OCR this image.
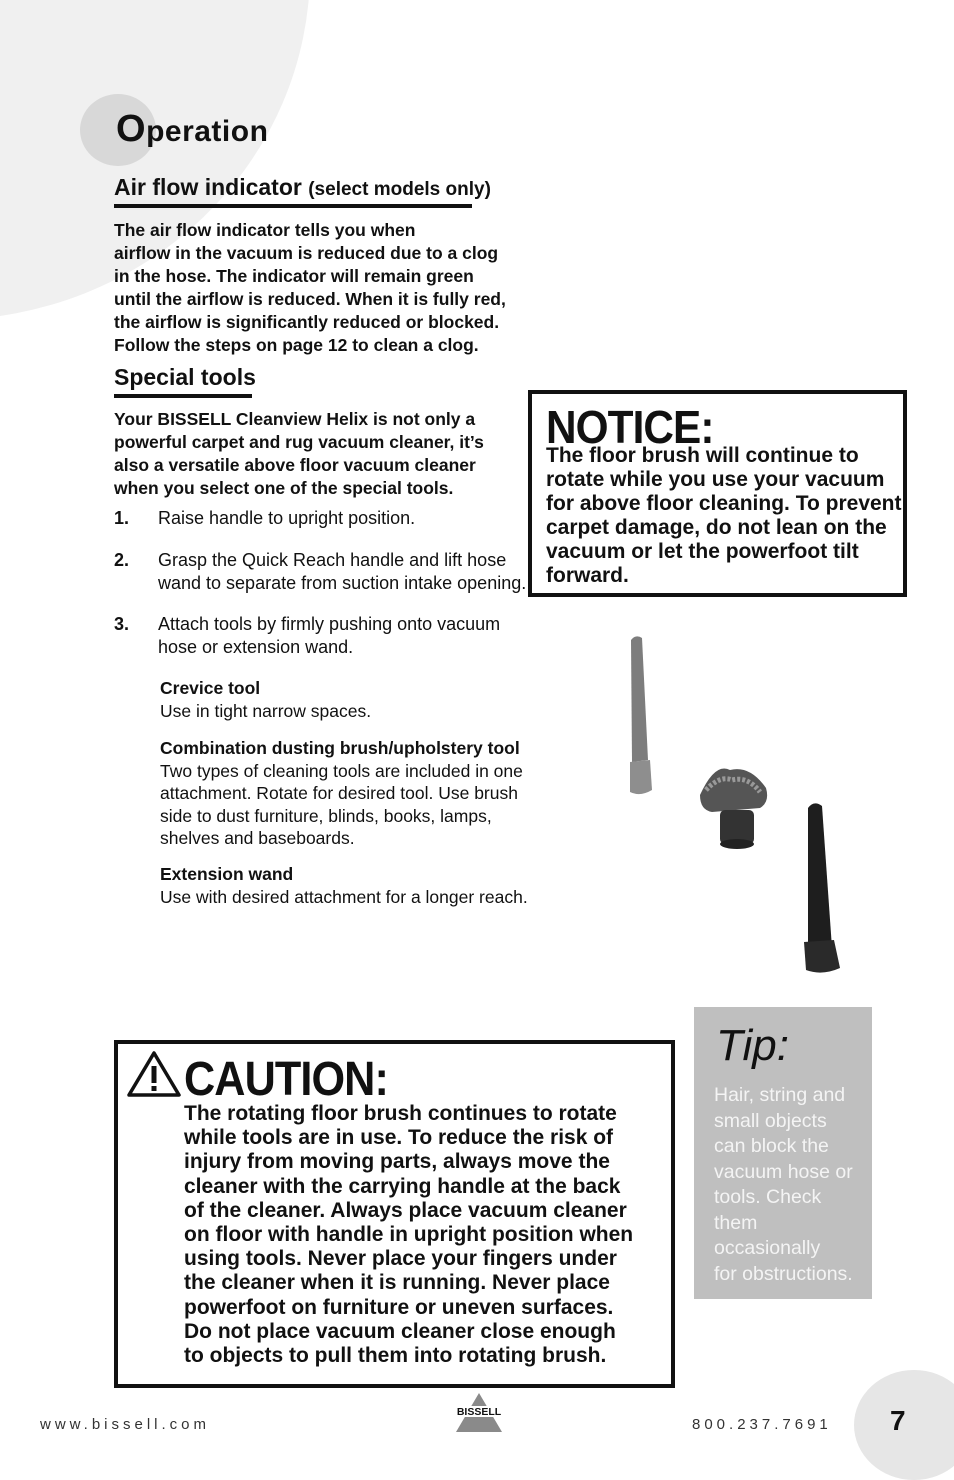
Operation
Air flow indicator (select models only)
The air flow indicator tells you when
airflow in the vacuum is reduced due to a clog
in the hose. The indicator will remain green
until the airflow is reduced. When it is fully red,
the airflow is significantly reduced or blocked.
Follow the steps on page 12 to clean a clog.
Special tools
Your BISSELL Cleanview Helix is not only a
powerful carpet and rug vacuum cleaner, it’s
also a versatile above floor vacuum cleaner
when you select one of the special tools.
1. Raise handle to upright position.
2. Grasp the Quick Reach handle and lift hose
wand to separate from suction intake opening.
3. Attach tools by firmly pushing onto vacuum
hose or extension wand.
Crevice tool
Use in tight narrow spaces.
Combination dusting brush/upholstery tool
Two types of cleaning tools are included in one
attachment. Rotate for desired tool. Use brush
side to dust furniture, blinds, books, lamps,
shelves and baseboards.
Extension wand
Use with desired attachment for a longer reach.
NOTICE:
The floor brush will continue to
rotate while you use your vacuum
for above floor cleaning. To prevent
carpet damage, do not lean on the
vacuum or let the powerfoot tilt
forward.
Tip:
Hair, string and
small objects
can block the
vacuum hose or
tools. Check
them occasionally
for obstructions.
CAUTION:
The rotating floor brush continues to rotate
while tools are in use. To reduce the risk of
injury from moving parts, always move the
cleaner with the carrying handle at the back
of the cleaner. Always place vacuum cleaner
on floor with handle in upright position when
using tools. Never place your fingers under
the cleaner when it is running. Never place
powerfoot on furniture or uneven surfaces.
Do not place vacuum cleaner close enough
to objects to pull them into rotating brush.
www.bissell.com
BISSELL
800.237.7691 7
